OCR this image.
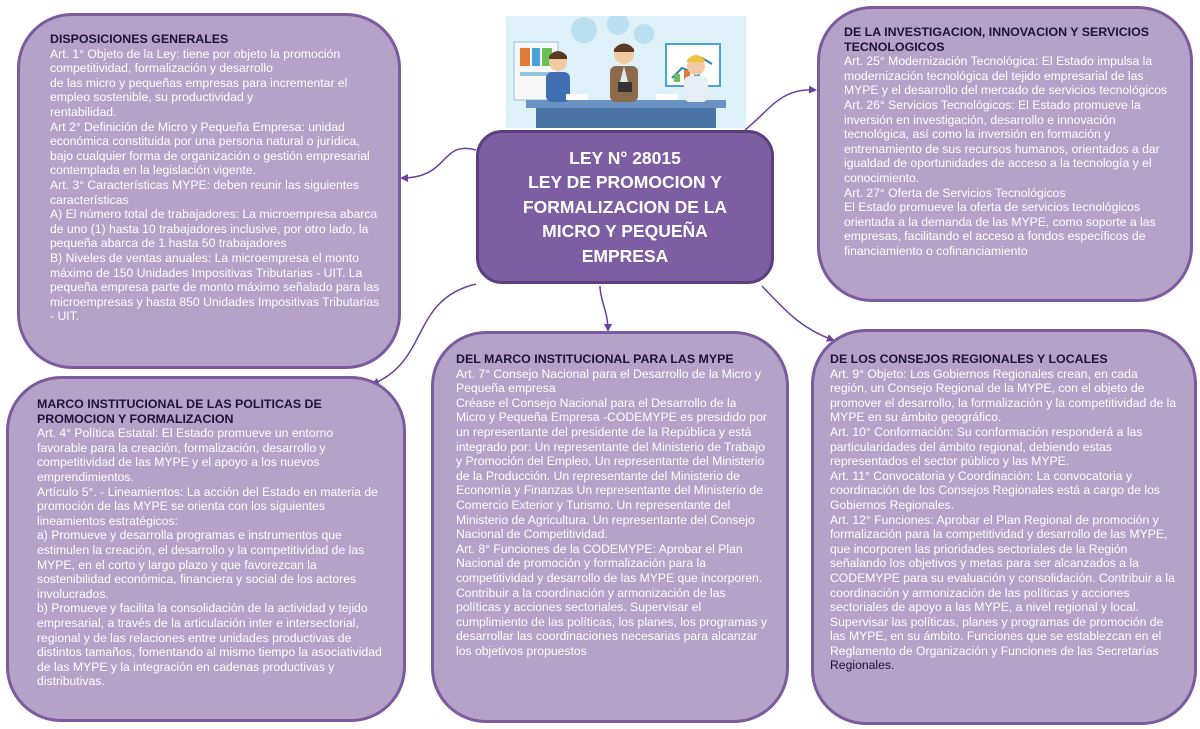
LEY N° 28015
LEY DE PROMOCION Y
FORMALIZACION DE LA
MICRO Y PEQUEÑA
EMPRESA
DISPOSICIONES GENERALES
Art. 1° Objeto de la Ley: tiene por objeto la promoción competitividad, formalización y desarrollo
de las micro y pequeñas empresas para incrementar el empleo sostenible, su productividad y
rentabilidad.
Art 2° Definición de Micro y Pequeña Empresa: unidad económica constituida por una persona natural o jurídica, bajo cualquier forma de organización o gestión empresarial contemplada en la legislación vigente.
Art. 3° Características MYPE: deben reunir las siguientes características
A) El número total de trabajadores: La microempresa abarca de uno (1) hasta 10 trabajadores inclusive, por otro lado, la pequeña abarca de 1 hasta 50 trabajadores
B) Niveles de ventas anuales: La microempresa el monto máximo de 150 Unidades Impositivas Tributarias - UIT. La pequeña empresa parte de monto máximo señalado para las microempresas y hasta 850 Unidades Impositivas Tributarias - UIT.
MARCO INSTITUCIONAL DE LAS POLITICAS DE PROMOCION Y FORMALIZACION
Art. 4° Política Estatal: El Estado promueve un entorno favorable para la creación, formalización, desarrollo y competitividad de las MYPE y el apoyo a los nuevos emprendimientos.
Artículo 5°. - Lineamientos: La acción del Estado en materia de promoción de las MYPE se orienta con los siguientes lineamientos estratégicos:
a) Promueve y desarrolla programas e instrumentos que estimulen la creación, el desarrollo y la competitividad de las MYPE, en el corto y largo plazo y que favorezcan la sostenibilidad económica, financiera y social de los actores involucrados.
b) Promueve y facilita la consolidación de la actividad y tejido empresarial, a través de la articulación inter e intersectorial, regional y de las relaciones entre unidades productivas de distintos tamaños, fomentando al mismo tiempo la asociatividad de las MYPE y la integración en cadenas productivas y distributivas.
DEL MARCO INSTITUCIONAL PARA LAS MYPE
Art. 7° Consejo Nacional para el Desarrollo de la Micro y Pequeña empresa
Créase el Consejo Nacional para el Desarrollo de la Micro y Pequeña Empresa -CODEMYPE es presidido por un representante del presidente de la República y está integrado por: Un representante del Ministerio de Trabajo y Promoción del Empleo, Un representante del Ministerio de la Producción. Un representante del Ministerio de Economía y Finanzas Un representante del Ministerio de Comercio Exterior y Turismo. Un representante del Ministerio de Agricultura. Un representante del Consejo Nacional de Competitividad.
Art. 8° Funciones de la CODEMYPE: Aprobar el Plan Nacional de promoción y formalización para la competitividad y desarrollo de las MYPE que incorporen. Contribuir a la coordinación y armonización de las políticas y acciones sectoriales. Supervisar el cumplimiento de las políticas, los planes, los programas y desarrollar las coordinaciones necesarias para alcanzar los objetivos propuestos
DE LA INVESTIGACION, INNOVACION Y SERVICIOS TECNOLOGICOS
Art. 25° Modernización Tecnológica: El Estado impulsa la modernización tecnológica del tejido empresarial de las MYPE y el desarrollo del mercado de servicios tecnológicos
Art. 26° Servicios Tecnológicos: El Estado promueve la inversión en investigación, desarrollo e innovación tecnológica, así como la inversión en formación y entrenamiento de sus recursos humanos, orientados a dar igualdad de oportunidades de acceso a la tecnología y el conocimiento.
Art. 27° Oferta de Servicios Tecnológicos
El Estado promueve la oferta de servicios tecnológicos orientada a la demanda de las MYPE, como soporte a las empresas, facilitando el acceso a fondos específicos de financiamiento o cofinanciamiento
DE LOS CONSEJOS REGIONALES Y LOCALES
Art. 9° Objeto: Los Gobiernos Regionales crean, en cada región, un Consejo Regional de la MYPE, con el objeto de promover el desarrollo, la formalización y la competitividad de la MYPE en su ámbito geográfico.
Art. 10° Conformación: Su conformación responderá a las particularidades del ámbito regional, debiendo estas representados el sector público y las MYPE.
Art. 11° Convocatoria y Coordinación: La convocatoria y coordinación de los Consejos Regionales está a cargo de los Gobiernos Regionales.
Art. 12° Funciones: Aprobar el Plan Regional de promoción y formalización para la competitividad y desarrollo de las MYPE, que incorporen las prioridades sectoriales de la Región señalando los objetivos y metas para ser alcanzados a la CODEMYPE para su evaluación y consolidación. Contribuir a la coordinación y armonización de las políticas y acciones sectoriales de apoyo a las MYPE, a nivel regional y local. Supervisar las políticas, planes y programas de promoción de las MYPE, en su ámbito. Funciones que se establezcan en el Reglamento de Organización y Funciones de las Secretarías Regionales.
